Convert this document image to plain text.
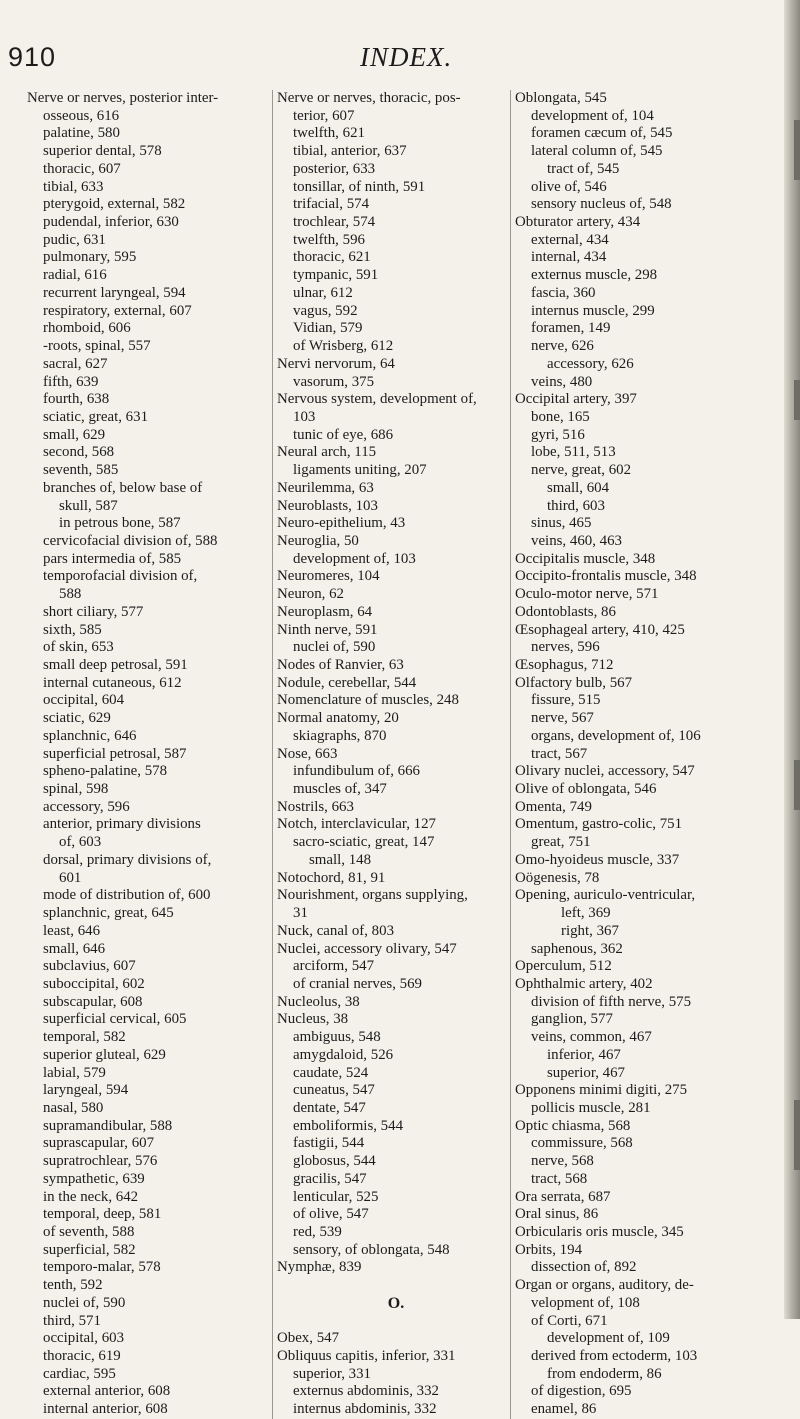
910	INDEX.
Nerve or nerves, posterior inter-
osseous, 616
palatine, 580
superior dental, 578
thoracic, 607
tibial, 633
pterygoid, external, 582
pudendal, inferior, 630
pudic, 631
pulmonary, 595
radial, 616
recurrent laryngeal, 594
respiratory, external, 607
rhomboid, 606
-roots, spinal, 557
sacral, 627
fifth, 639
fourth, 638
sciatic, great, 631
small, 629
second, 568
seventh, 585
branches of, below base of
skull, 587
in petrous bone, 587
cervicofacial division of, 588
pars intermedia of, 585
temporofacial division of,
588
short ciliary, 577
sixth, 585
of skin, 653
small deep petrosal, 591
internal cutaneous, 612
occipital, 604
sciatic, 629
splanchnic, 646
superficial petrosal, 587
spheno-palatine, 578
spinal, 598
accessory, 596
anterior, primary divisions
of, 603
dorsal, primary divisions of,
601
mode of distribution of, 600
splanchnic, great, 645
least, 646
small, 646
subclavius, 607
suboccipital, 602
subscapular, 608
superficial cervical, 605
temporal, 582
superior gluteal, 629
labial, 579
laryngeal, 594
nasal, 580
supramandibular, 588
suprascapular, 607
supratrochlear, 576
sympathetic, 639
in the neck, 642
temporal, deep, 581
of seventh, 588
superficial, 582
temporo-malar, 578
tenth, 592
nuclei of, 590
third, 571
occipital, 603
thoracic, 619
cardiac, 595
external anterior, 608
internal anterior, 608
Nerve or nerves, thoracic, pos-
terior, 607
twelfth, 621
tibial, anterior, 637
posterior, 633
tonsillar, of ninth, 591
trifacial, 574
trochlear, 574
twelfth, 596
thoracic, 621
tympanic, 591
ulnar, 612
vagus, 592
Vidian, 579
of Wrisberg, 612
Nervi nervorum, 64
vasorum, 375
Nervous system, development of,
103
tunic of eye, 686
Neural arch, 115
ligaments uniting, 207
Neurilemma, 63
Neuroblasts, 103
Neuro-epithelium, 43
Neuroglia, 50
development of, 103
Neuromeres, 104
Neuron, 62
Neuroplasm, 64
Ninth nerve, 591
nuclei of, 590
Nodes of Ranvier, 63
Nodule, cerebellar, 544
Nomenclature of muscles, 248
Normal anatomy, 20
skiagraphs, 870
Nose, 663
infundibulum of, 666
muscles of, 347
Nostrils, 663
Notch, interclavicular, 127
sacro-sciatic, great, 147
small, 148
Notochord, 81, 91
Nourishment, organs supplying,
31
Nuck, canal of, 803
Nuclei, accessory olivary, 547
arciform, 547
of cranial nerves, 569
Nucleolus, 38
Nucleus, 38
ambiguus, 548
amygdaloid, 526
caudate, 524
cuneatus, 547
dentate, 547
emboliformis, 544
fastigii, 544
globosus, 544
gracilis, 547
lenticular, 525
of olive, 547
red, 539
sensory, of oblongata, 548
Nymphæ, 839
O.
Obex, 547
Obliquus capitis, inferior, 331
superior, 331
externus abdominis, 332
internus abdominis, 332
Oblongata, 545
development of, 104
foramen cæcum of, 545
lateral column of, 545
tract of, 545
olive of, 546
sensory nucleus of, 548
Obturator artery, 434
external, 434
internal, 434
externus muscle, 298
fascia, 360
internus muscle, 299
foramen, 149
nerve, 626
accessory, 626
veins, 480
Occipital artery, 397
bone, 165
gyri, 516
lobe, 511, 513
nerve, great, 602
small, 604
third, 603
sinus, 465
veins, 460, 463
Occipitalis muscle, 348
Occipito-frontalis muscle, 348
Oculo-motor nerve, 571
Odontoblasts, 86
Œsophageal artery, 410, 425
nerves, 596
Œsophagus, 712
Olfactory bulb, 567
fissure, 515
nerve, 567
organs, development of, 106
tract, 567
Olivary nuclei, accessory, 547
Olive of oblongata, 546
Omenta, 749
Omentum, gastro-colic, 751
great, 751
Omo-hyoideus muscle, 337
Oögenesis, 78
Opening, auriculo-ventricular,
left, 369
right, 367
saphenous, 362
Operculum, 512
Ophthalmic artery, 402
division of fifth nerve, 575
ganglion, 577
veins, common, 467
inferior, 467
superior, 467
Opponens minimi digiti, 275
pollicis muscle, 281
Optic chiasma, 568
commissure, 568
nerve, 568
tract, 568
Ora serrata, 687
Oral sinus, 86
Orbicularis oris muscle, 345
Orbits, 194
dissection of, 892
Organ or organs, auditory, de-
velopment of, 108
of Corti, 671
development of, 109
derived from ectoderm, 103
from endoderm, 86
of digestion, 695
enamel, 86
